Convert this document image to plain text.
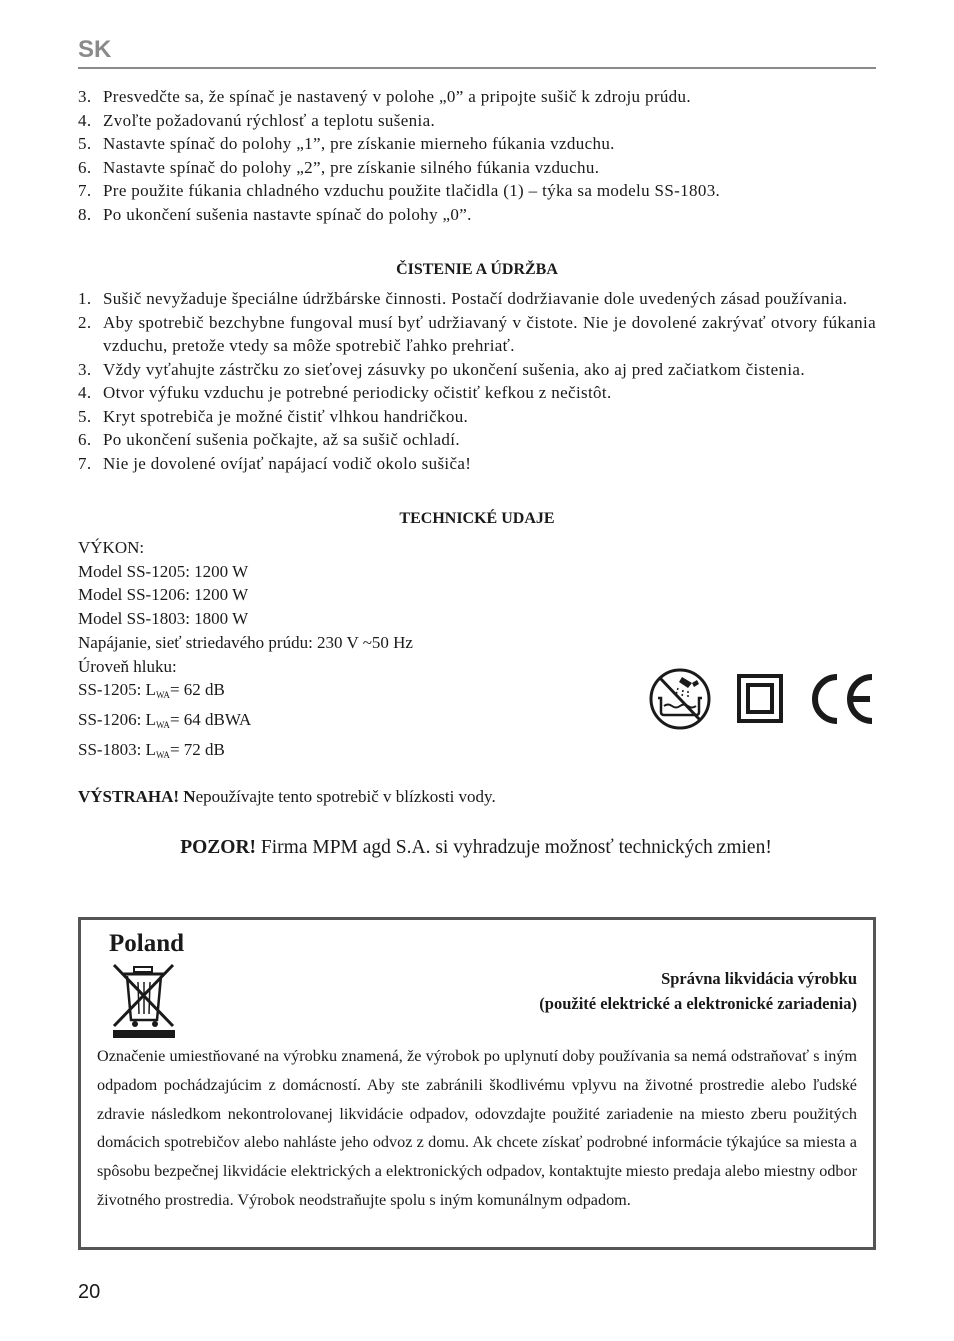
SK
3. Presvedčte sa, že spínač je nastavený v polohe „0” a pripojte sušič k zdroju prúdu.
4. Zvoľte požadovanú rýchlosť a teplotu sušenia.
5. Nastavte spínač do polohy „1”, pre získanie mierneho fúkania vzduchu.
6. Nastavte spínač do polohy „2”, pre získanie silného fúkania vzduchu.
7. Pre použite fúkania chladného vzduchu použite tlačidla (1) – týka sa modelu SS-1803.
8. Po ukončení sušenia nastavte spínač do polohy „0”.
ČISTENIE A ÚDRŽBA
1. Sušič nevyžaduje špeciálne údržbárske činnosti. Postačí dodržiavanie dole uvedených zásad používania.
2. Aby spotrebič bezchybne fungoval musí byť udržiavaný v čistote. Nie je dovolené zakrývať otvory fúkania vzduchu, pretože vtedy sa môže spotrebič ľahko prehriať.
3. Vždy vyťahujte zástrčku zo sieťovej zásuvky po ukončení sušenia, ako aj pred začiatkom čistenia.
4. Otvor výfuku vzduchu je potrebné periodicky očistiť kefkou z nečistôt.
5. Kryt spotrebiča je možné čistiť vlhkou handričkou.
6. Po ukončení sušenia počkajte, až sa sušič ochladí.
7. Nie je dovolené ovíjať napájací vodič okolo sušiča!
TECHNICKÉ UDAJE
VÝKON:
Model SS-1205: 1200 W
Model SS-1206: 1200 W
Model SS-1803: 1800 W
Napájanie, sieť striedavého prúdu: 230 V ~50 Hz
Úroveň hluku:
SS-1205: $L_{WA}= 62$ dB
SS-1206: $L_{WA}= 64$ dBWA
SS-1803: $L_{WA}= 72$ dB
VÝSTRAHA! Nepoužívajte tento spotrebič v blízkosti vody.
POZOR! Firma MPM agd S.A. si vyhradzuje možnosť technických zmien!
CE
Poland
Správna likvidácia výrobku
(použité elektrické a elektronické zariadenia)
Označenie umiestňované na výrobku znamená, že výrobok po uplynutí doby používania sa nemá odstraňovať s iným odpadom pochádzajúcim z domácností. Aby ste zabránili škodlivému vplyvu na životné prostredie alebo ľudské zdravie následkom nekontrolovanej likvidácie odpadov, odovzdajte použité zariadenie na miesto zberu použitých domácich spotrebičov alebo nahláste jeho odvoz z domu. Ak chcete získať podrobné informácie týkajúce sa miesta a spôsobu bezpečnej likvidácie elektrických a elektronických odpadov, kontaktujte miesto predaja alebo miestny odbor životného prostredia. Výrobok neodstraňujte spolu s iným komunálnym odpadom.

20
